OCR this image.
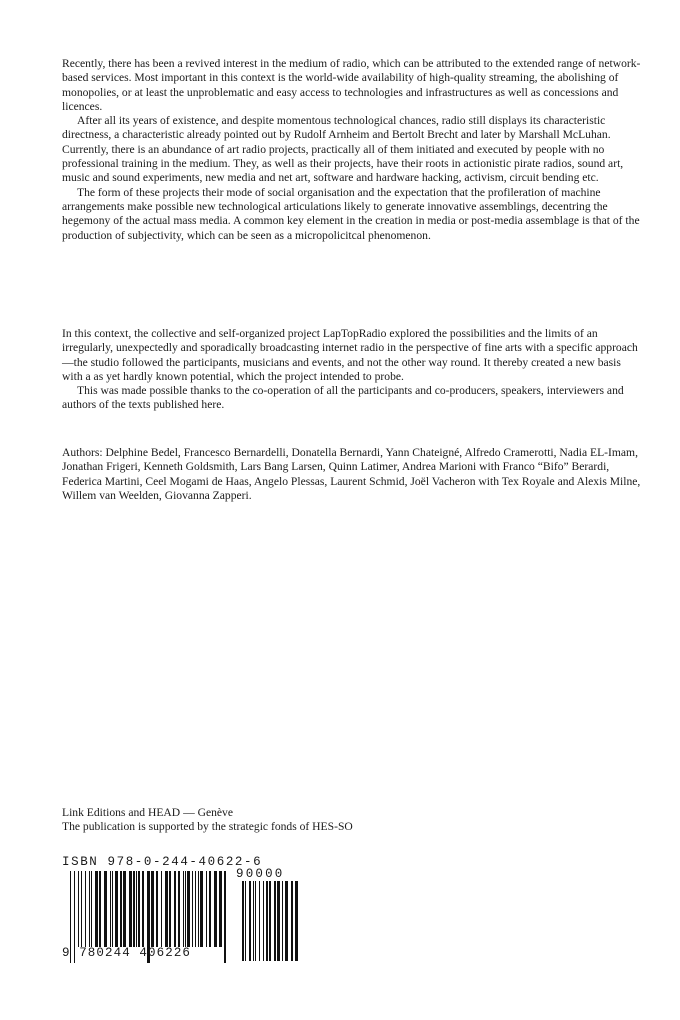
Recently, there has been a revived interest in the medium of radio, which can be attributed to the extended range of network-based services. Most important in this context is the world-wide availability of high-quality streaming, the abolishing of monopolies, or at least the unproblematic and easy access to technologies and infrastructures as well as concessions and licences.

After all its years of existence, and despite momentous technological chances, radio still displays its characteristic directness, a characteristic already pointed out by Rudolf Arnheim and Bertolt Brecht and later by Marshall McLuhan. Currently, there is an abundance of art radio projects, practically all of them initiated and executed by people with no professional training in the medium. They, as well as their projects, have their roots in actionistic pirate radios, sound art, music and sound experiments, new media and net art, software and hardware hacking, activism, circuit bending etc.

The form of these projects their mode of social organisation and the expectation that the profileration of machine arrangements make possible new technological articulations likely to generate innovative assemblings, decentring the hegemony of the actual mass media. A common key element in the creation in media or post-media assemblage is that of the production of subjectivity, which can be seen as a micropolicitcal phenomenon.

In this context, the collective and self-organized project LapTopRadio explored the possibilities and the limits of an irregularly, unexpectedly and sporadically broadcasting internet radio in the perspective of fine arts with a specific approach—the studio followed the participants, musicians and events, and not the other way round. It thereby created a new basis with a as yet hardly known potential, which the project intended to probe.

This was made possible thanks to the co-operation of all the participants and co-producers, speakers, interviewers and authors of the texts published here.

Authors: Delphine Bedel, Francesco Bernardelli, Donatella Bernardi, Yann Chateigné, Alfredo Cramerotti, Nadia EL-Imam, Jonathan Frigeri, Kenneth Goldsmith, Lars Bang Larsen, Quinn Latimer, Andrea Marioni with Franco “Bifo” Berardi, Federica Martini, Ceel Mogami de Haas, Angelo Plessas, Laurent Schmid, Joël Vacheron with Tex Royale and Alexis Milne, Willem van Weelden, Giovanna Zapperi.

Link Editions and HEAD — Genève

The publication is supported by the strategic fonds of HES-SO

ISBN 978-0-244-40622-6
90000
9 780244 406226
